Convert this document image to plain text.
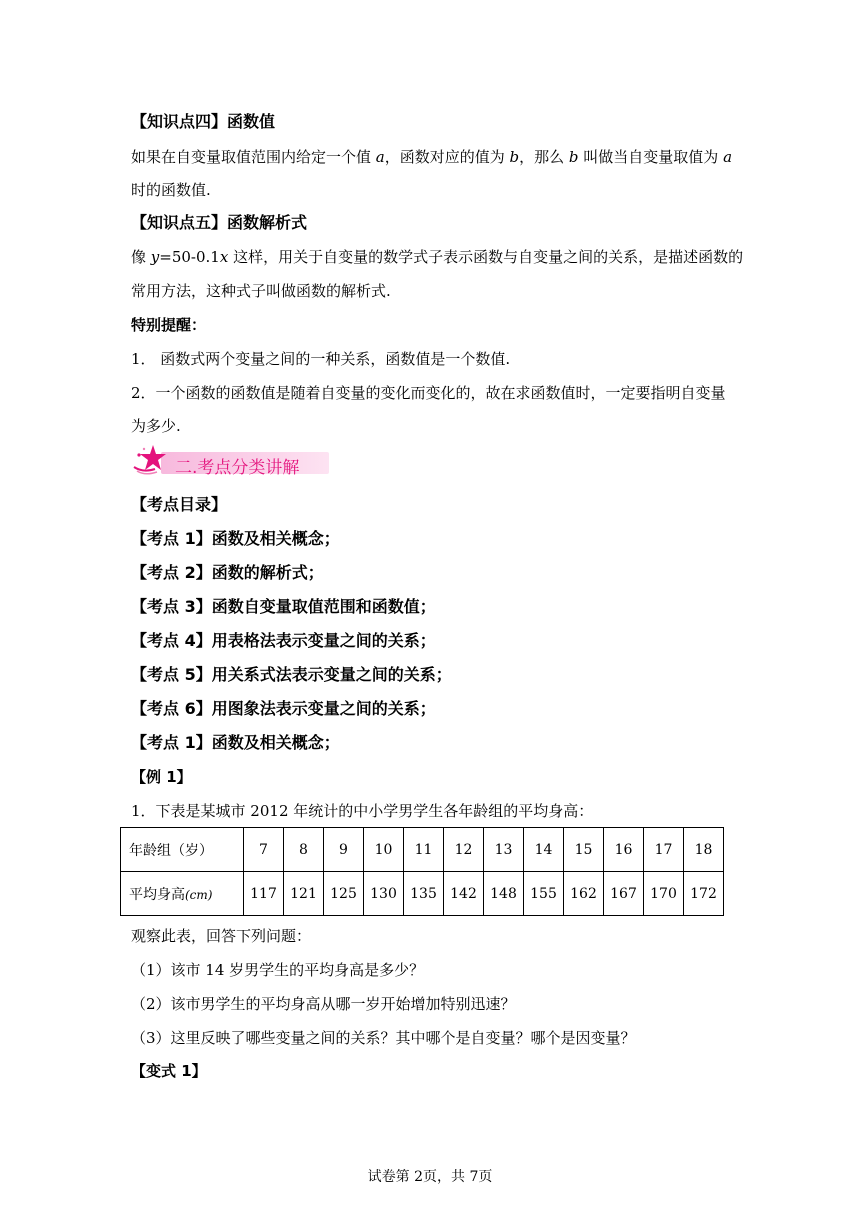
【知识点四】函数值
如果在自变量取值范围内给定一个值 a，函数对应的值为 b，那么 b 叫做当自变量取值为 a
时的函数值.
【知识点五】函数解析式
像 y=50-0.1x 这样，用关于自变量的数学式子表示函数与自变量之间的关系，是描述函数的
常用方法，这种式子叫做函数的解析式.
特别提醒：
1． 函数式两个变量之间的一种关系，函数值是一个数值.
2．一个函数的函数值是随着自变量的变化而变化的，故在求函数值时，一定要指明自变量
为多少.
二.考点分类讲解
【考点目录】
【考点 1】函数及相关概念；
【考点 2】函数的解析式；
【考点 3】函数自变量取值范围和函数值；
【考点 4】用表格法表示变量之间的关系；
【考点 5】用关系式法表示变量之间的关系；
【考点 6】用图象法表示变量之间的关系；
【考点 1】函数及相关概念；
【例 1】
1．下表是某城市 2012 年统计的中小学男学生各年龄组的平均身高：
年龄组（岁）	7	8	9	10	11	12	13	14	15	16	17	18
平均身高(cm)	117	121	125	130	135	142	148	155	162	167	170	172
观察此表，回答下列问题：
（1）该市 14 岁男学生的平均身高是多少？
（2）该市男学生的平均身高从哪一岁开始增加特别迅速？
（3）这里反映了哪些变量之间的关系？其中哪个是自变量？哪个是因变量？
【变式 1】
试卷第 2页，共 7页
